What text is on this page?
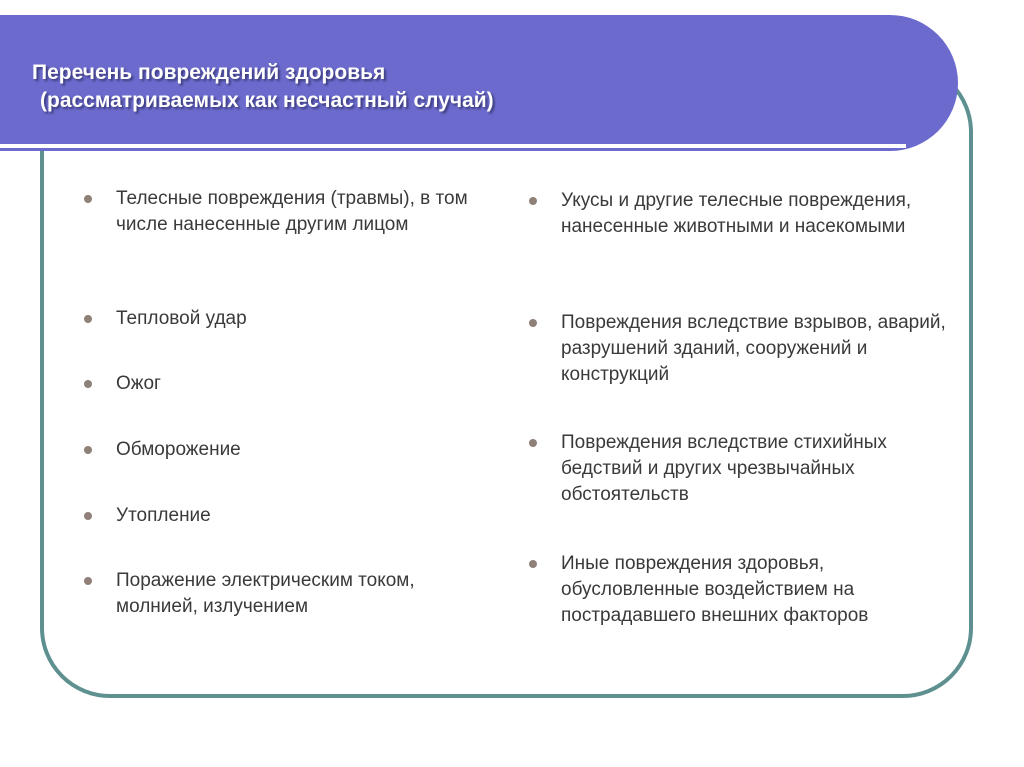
Перечень повреждений здоровья
(рассматриваемых как несчастный случай)
Телесные повреждения (травмы), в том числе нанесенные другим лицом
Тепловой удар
Ожог
Обморожение
Утопление
Поражение электрическим током, молнией, излучением
Укусы и другие телесные повреждения, нанесенные животными и насекомыми
Повреждения вследствие взрывов, аварий, разрушений зданий, сооружений и конструкций
Повреждения вследствие стихийных бедствий и других чрезвычайных обстоятельств
Иные повреждения здоровья, обусловленные воздействием на пострадавшего внешних факторов
